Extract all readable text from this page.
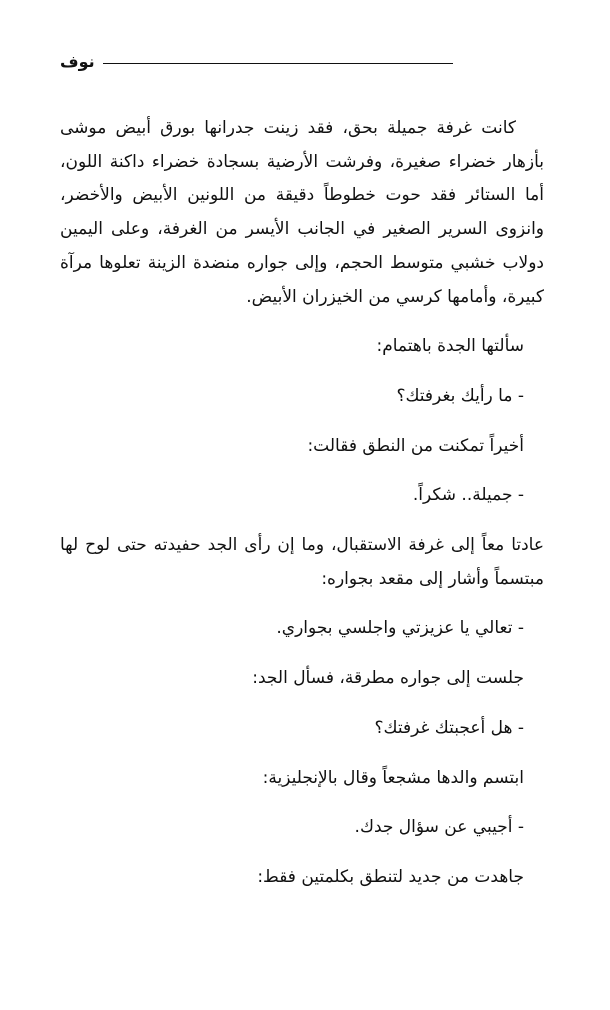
نوف

كانت غرفة جميلة بحق، فقد زينت جدرانها بورق أبيض موشى بأزهار خضراء صغيرة، وفرشت الأرضية بسجادة خضراء داكنة اللون، أما الستائر فقد حوت خطوطاً دقيقة من اللونين الأبيض والأخضر، وانزوى السرير الصغير في الجانب الأيسر من الغرفة، وعلى اليمين دولاب خشبي متوسط الحجم، وإلى جواره منضدة الزينة تعلوها مرآة كبيرة، وأمامها كرسي من الخيزران الأبيض.

سألتها الجدة باهتمام:

- ما رأيك بغرفتك؟

أخيراً تمكنت من النطق فقالت:

- جميلة.. شكراً.

عادتا معاً إلى غرفة الاستقبال، وما إن رأى الجد حفيدته حتى لوح لها مبتسماً وأشار إلى مقعد بجواره:

- تعالي يا عزيزتي واجلسي بجواري.

جلست إلى جواره مطرقة، فسأل الجد:

- هل أعجبتك غرفتك؟

ابتسم والدها مشجعاً وقال بالإنجليزية:

- أجيبي عن سؤال جدك.

جاهدت من جديد لتنطق بكلمتين فقط:
